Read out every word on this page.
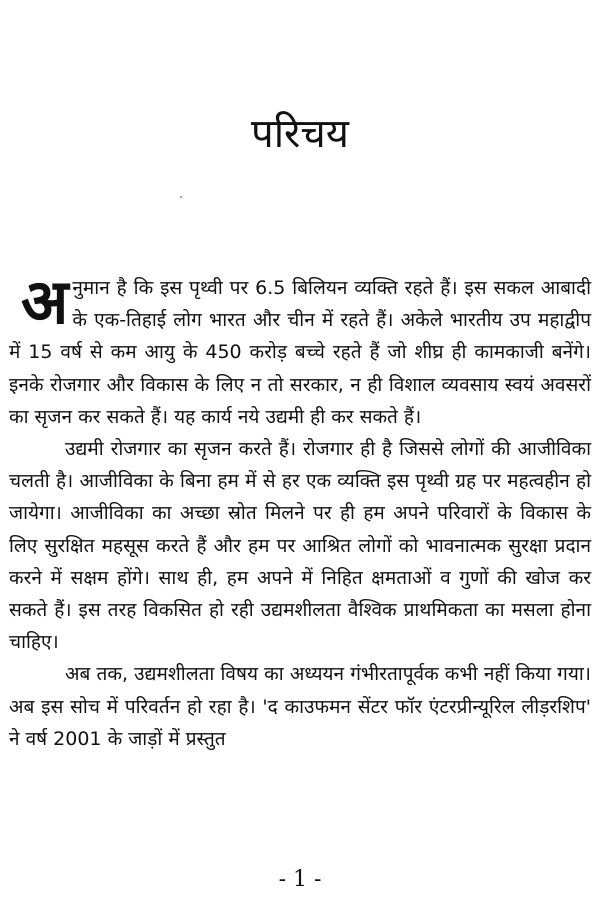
परिचय

अनुमान है कि इस पृथ्वी पर 6.5 बिलियन व्यक्ति रहते हैं। इस सकल आबादी के एक-तिहाई लोग भारत और चीन में रहते हैं। अकेले भारतीय उप महाद्वीप में 15 वर्ष से कम आयु के 450 करोड़ बच्चे रहते हैं जो शीघ्र ही कामकाजी बनेंगे। इनके रोजगार और विकास के लिए न तो सरकार, न ही विशाल व्यवसाय स्वयं अवसरों का सृजन कर सकते हैं। यह कार्य नये उद्यमी ही कर सकते हैं।

उद्यमी रोजगार का सृजन करते हैं। रोजगार ही है जिससे लोगों की आजीविका चलती है। आजीविका के बिना हम में से हर एक व्यक्ति इस पृथ्वी ग्रह पर महत्वहीन हो जायेगा। आजीविका का अच्छा स्रोत मिलने पर ही हम अपने परिवारों के विकास के लिए सुरक्षित महसूस करते हैं और हम पर आश्रित लोगों को भावनात्मक सुरक्षा प्रदान करने में सक्षम होंगे। साथ ही, हम अपने में निहित क्षमताओं व गुणों की खोज कर सकते हैं। इस तरह विकसित हो रही उद्यमशीलता वैश्विक प्राथमिकता का मसला होना चाहिए।

अब तक, उद्यमशीलता विषय का अध्ययन गंभीरतापूर्वक कभी नहीं किया गया। अब इस सोच में परिवर्तन हो रहा है। 'द काउफमन सेंटर फॉर एंटरप्रीन्यूरिल लीड़रशिप' ने वर्ष 2001 के जाड़ों में प्रस्तुत

- 1 -
